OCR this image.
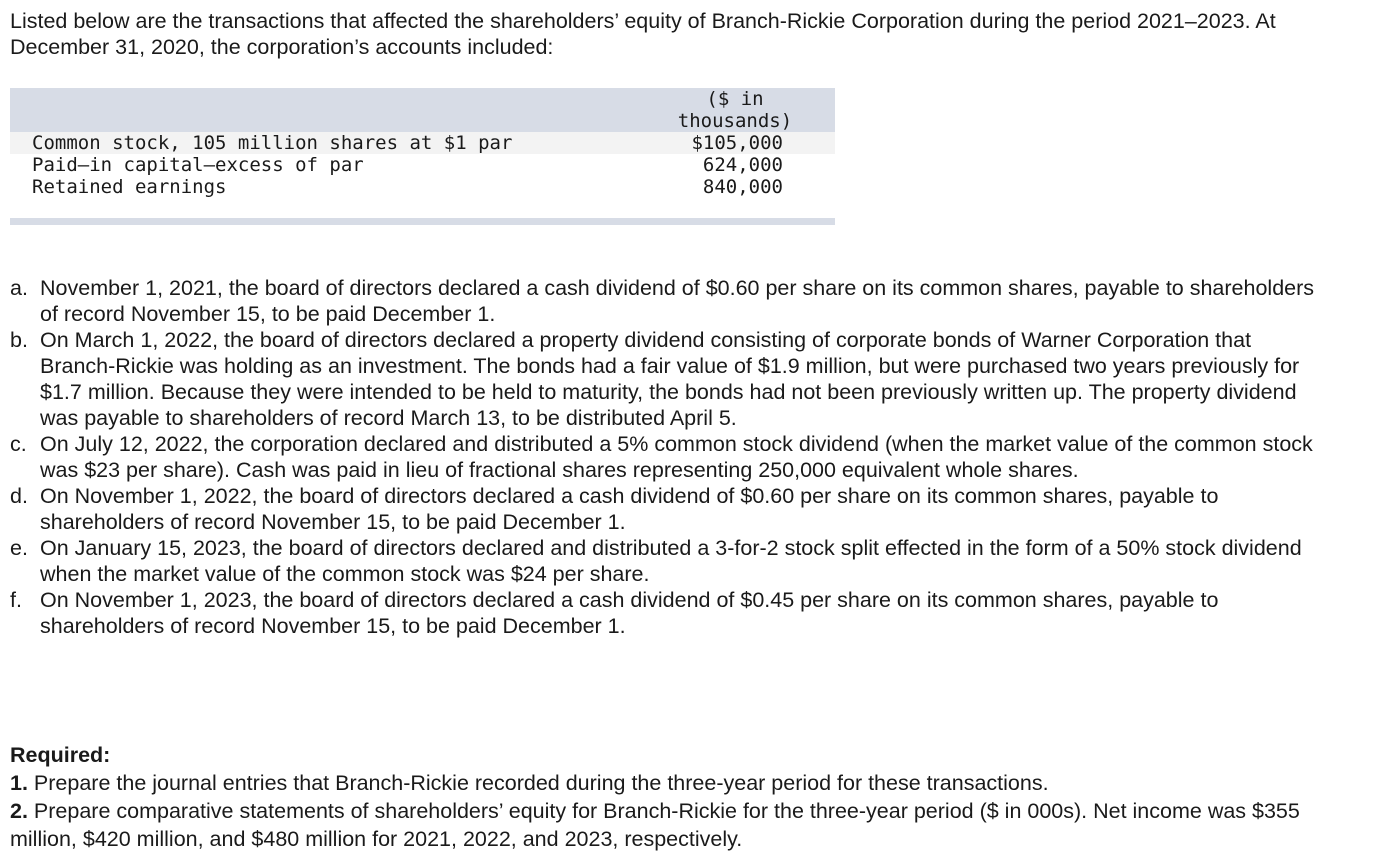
Listed below are the transactions that affected the shareholders’ equity of Branch-Rickie Corporation during the period 2021–2023. At December 31, 2020, the corporation’s accounts included:

($ in
thousands)
Common stock, 105 million shares at $1 par	$105,000
Paid–in capital–excess of par	624,000
Retained earnings	840,000
a. November 1, 2021, the board of directors declared a cash dividend of $0.60 per share on its common shares, payable to shareholders of record November 15, to be paid December 1.
b. On March 1, 2022, the board of directors declared a property dividend consisting of corporate bonds of Warner Corporation that Branch-Rickie was holding as an investment. The bonds had a fair value of $1.9 million, but were purchased two years previously for $1.7 million. Because they were intended to be held to maturity, the bonds had not been previously written up. The property dividend was payable to shareholders of record March 13, to be distributed April 5.
c. On July 12, 2022, the corporation declared and distributed a 5% common stock dividend (when the market value of the common stock was $23 per share). Cash was paid in lieu of fractional shares representing 250,000 equivalent whole shares.
d. On November 1, 2022, the board of directors declared a cash dividend of $0.60 per share on its common shares, payable to shareholders of record November 15, to be paid December 1.
e. On January 15, 2023, the board of directors declared and distributed a 3-for-2 stock split effected in the form of a 50% stock dividend when the market value of the common stock was $24 per share.
f. On November 1, 2023, the board of directors declared a cash dividend of $0.45 per share on its common shares, payable to shareholders of record November 15, to be paid December 1.
Required:
1. Prepare the journal entries that Branch-Rickie recorded during the three-year period for these transactions.
2. Prepare comparative statements of shareholders’ equity for Branch-Rickie for the three-year period ($ in 000s). Net income was $355 million, $420 million, and $480 million for 2021, 2022, and 2023, respectively.
